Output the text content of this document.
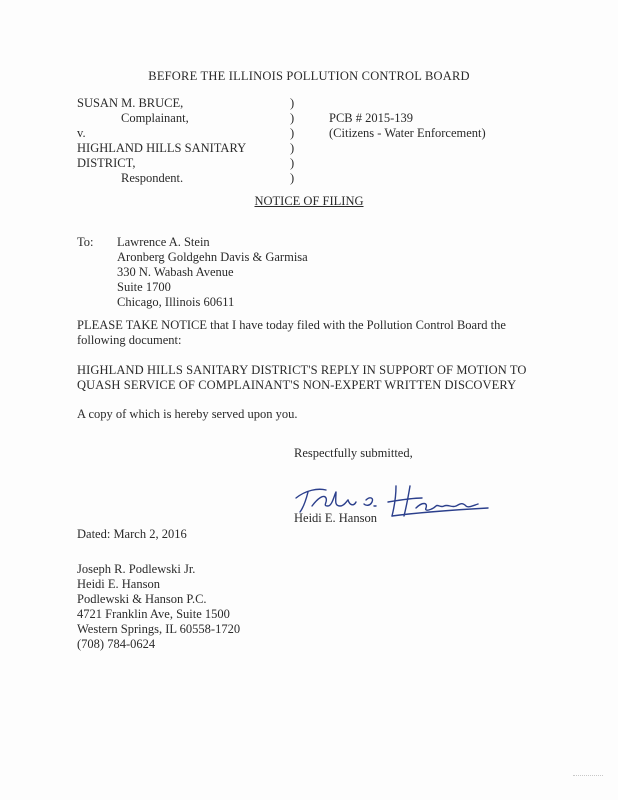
BEFORE THE ILLINOIS POLLUTION CONTROL BOARD
SUSAN M. BRUCE,
Complainant,
v.
HIGHLAND HILLS SANITARY
DISTRICT,
Respondent.
)
)
)
)
)
)
PCB # 2015-139
(Citizens - Water Enforcement)
NOTICE OF FILING
To: Lawrence A. Stein
Aronberg Goldgehn Davis & Garmisa
330 N. Wabash Avenue
Suite 1700
Chicago, Illinois 60611
PLEASE TAKE NOTICE that I have today filed with the Pollution Control Board the following document:
HIGHLAND HILLS SANITARY DISTRICT'S REPLY IN SUPPORT OF MOTION TO QUASH SERVICE OF COMPLAINANT'S NON-EXPERT WRITTEN DISCOVERY
A copy of which is hereby served upon you.
Respectfully submitted,
Heidi E. Hanson
Dated: March 2, 2016
Joseph R. Podlewski Jr.
Heidi E. Hanson
Podlewski & Hanson P.C.
4721 Franklin Ave, Suite 1500
Western Springs, IL 60558-1720
(708) 784-0624
